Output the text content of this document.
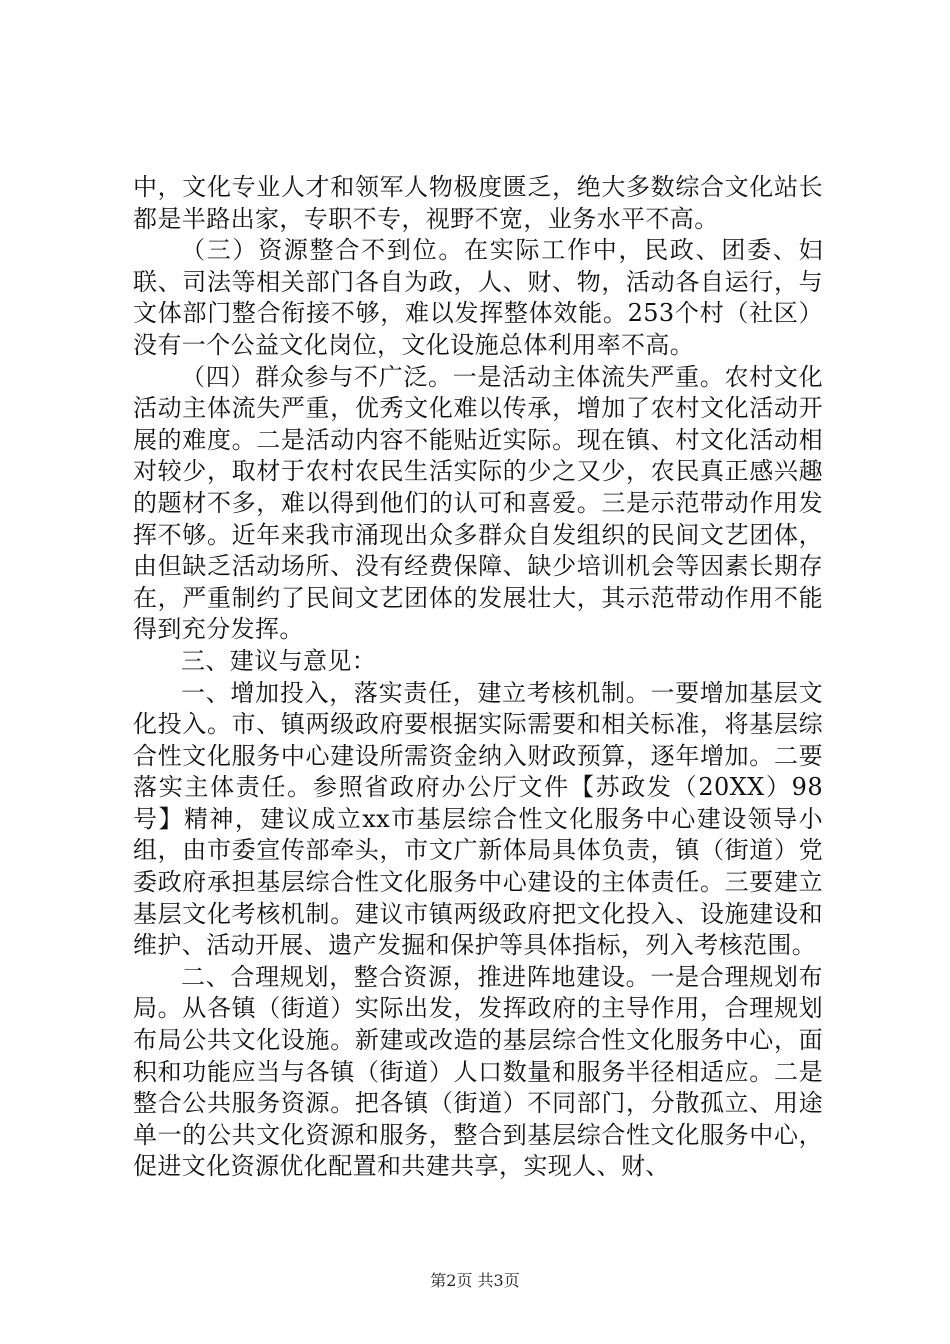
中，文化专业人才和领军人物极度匮乏，绝大多数综合文化站长都是半路出家，专职不专，视野不宽，业务水平不高。

（三）资源整合不到位。在实际工作中，民政、团委、妇联、司法等相关部门各自为政，人、财、物，活动各自运行，与文体部门整合衔接不够，难以发挥整体效能。253个村（社区）没有一个公益文化岗位，文化设施总体利用率不高。

（四）群众参与不广泛。一是活动主体流失严重。农村文化活动主体流失严重，优秀文化难以传承，增加了农村文化活动开展的难度。二是活动内容不能贴近实际。现在镇、村文化活动相对较少，取材于农村农民生活实际的少之又少，农民真正感兴趣的题材不多，难以得到他们的认可和喜爱。三是示范带动作用发挥不够。近年来我市涌现出众多群众自发组织的民间文艺团体，由但缺乏活动场所、没有经费保障、缺少培训机会等因素长期存在，严重制约了民间文艺团体的发展壮大，其示范带动作用不能得到充分发挥。

三、建议与意见：

一、增加投入，落实责任，建立考核机制。一要增加基层文化投入。市、镇两级政府要根据实际需要和相关标准，将基层综合性文化服务中心建设所需资金纳入财政预算，逐年增加。二要落实主体责任。参照省政府办公厅文件【苏政发（20XX）98号】精神，建议成立xx市基层综合性文化服务中心建设领导小组，由市委宣传部牵头，市文广新体局具体负责，镇（街道）党委政府承担基层综合性文化服务中心建设的主体责任。三要建立基层文化考核机制。建议市镇两级政府把文化投入、设施建设和维护、活动开展、遗产发掘和保护等具体指标，列入考核范围。

二、合理规划，整合资源，推进阵地建设。一是合理规划布局。从各镇（街道）实际出发，发挥政府的主导作用，合理规划布局公共文化设施。新建或改造的基层综合性文化服务中心，面积和功能应当与各镇（街道）人口数量和服务半径相适应。二是整合公共服务资源。把各镇（街道）不同部门，分散孤立、用途单一的公共文化资源和服务，整合到基层综合性文化服务中心，促进文化资源优化配置和共建共享，实现人、财、

第2页 共3页
